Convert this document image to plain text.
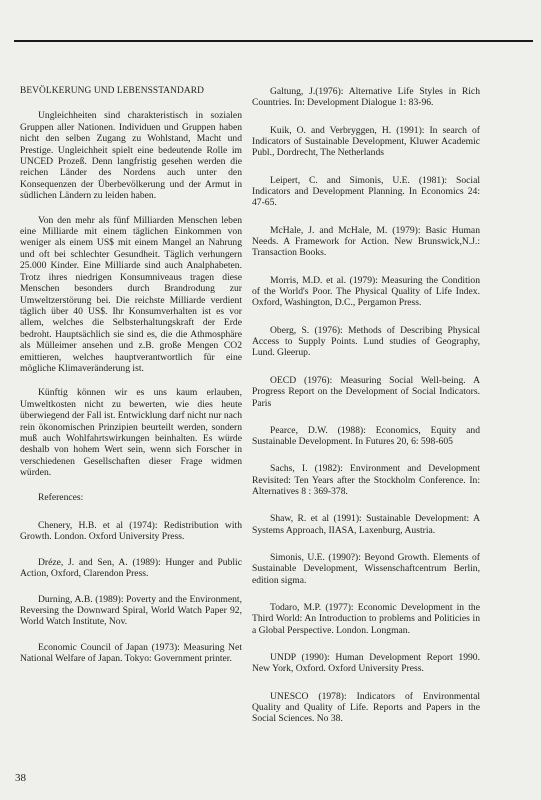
BEVÖLKERUNG UND LEBENSSTANDARD

Ungleichheiten sind charakteristisch in sozialen Gruppen aller Nationen. Individuen und Gruppen haben nicht den selben Zugang zu Wohlstand, Macht und Prestige. Ungleichheit spielt eine bedeutende Rolle im UNCED Prozeß. Denn langfristig gesehen werden die reichen Länder des Nordens auch unter den Konsequenzen der Überbevölkerung und der Armut in südlichen Ländern zu leiden haben.

Von den mehr als fünf Milliarden Menschen leben eine Milliarde mit einem täglichen Einkommen von weniger als einem US$ mit einem Mangel an Nahrung und oft bei schlechter Gesundheit. Täglich verhungern 25.000 Kinder. Eine Milliarde sind auch Analphabeten. Trotz ihres niedrigen Konsumniveaus tragen diese Menschen besonders durch Brandrodung zur Umweltzerstörung bei. Die reichste Milliarde verdient täglich über 40 US$. Ihr Konsumverhalten ist es vor allem, welches die Selbsterhaltungskraft der Erde bedroht. Hauptsächlich sie sind es, die die Athmosphäre als Mülleimer ansehen und z.B. große Mengen CO2 emittieren, welches hauptverantwortlich für eine mögliche Klimaveränderung ist.

Künftig können wir es uns kaum erlauben, Umweltkosten nicht zu bewerten, wie dies heute überwiegend der Fall ist. Entwicklung darf nicht nur nach rein ökonomischen Prinzipien beurteilt werden, sondern muß auch Wohlfahrtswirkungen beinhalten. Es würde deshalb von hohem Wert sein, wenn sich Forscher in verschiedenen Gesellschaften dieser Frage widmen würden.

References:

Chenery, H.B. et al (1974): Redistribution with Growth. London. Oxford University Press.

Dréze, J. and Sen, A. (1989): Hunger and Public Action, Oxford, Clarendon Press.

Durning, A.B. (1989): Poverty and the Environment, Reversing the Downward Spiral, World Watch Paper 92, World Watch Institute, Nov.

Economic Council of Japan (1973): Measuring Net National Welfare of Japan. Tokyo: Government printer.

Galtung, J.(1976): Alternative Life Styles in Rich Countries. In: Development Dialogue 1: 83-96.

Kuik, O. and Verbryggen, H. (1991): In search of Indicators of Sustainable Development, Kluwer Academic Publ., Dordrecht, The Netherlands

Leipert, C. and Simonis, U.E. (1981): Social Indicators and Development Planning. In Economics 24: 47-65.

McHale, J. and McHale, M. (1979): Basic Human Needs. A Framework for Action. New Brunswick,N.J.: Transaction Books.

Morris, M.D. et al. (1979): Measuring the Condition of the World's Poor. The Physical Quality of Life Index. Oxford, Washington, D.C., Pergamon Press.

Oberg, S. (1976): Methods of Describing Physical Access to Supply Points. Lund studies of Geography, Lund. Gleerup.

OECD (1976): Measuring Social Well-being. A Progress Report on the Development of Social Indicators. Paris

Pearce, D.W. (1988): Economics, Equity and Sustainable Development. In Futures 20, 6: 598-605

Sachs, I. (1982): Environment and Development Revisited: Ten Years after the Stockholm Conference. In: Alternatives 8 : 369-378.

Shaw, R. et al (1991): Sustainable Development: A Systems Approach, IIASA, Laxenburg, Austria.

Simonis, U.E. (1990?): Beyond Growth. Elements of Sustainable Development, Wissenschaftcentrum Berlin, edition sigma.

Todaro, M.P. (1977): Economic Development in the Third World: An Introduction to problems and Politicies in a Global Perspective. London. Longman.

UNDP (1990): Human Development Report 1990. New York, Oxford. Oxford University Press.

UNESCO (1978): Indicators of Environmental Quality and Quality of Life. Reports and Papers in the Social Sciences. No 38.

38
